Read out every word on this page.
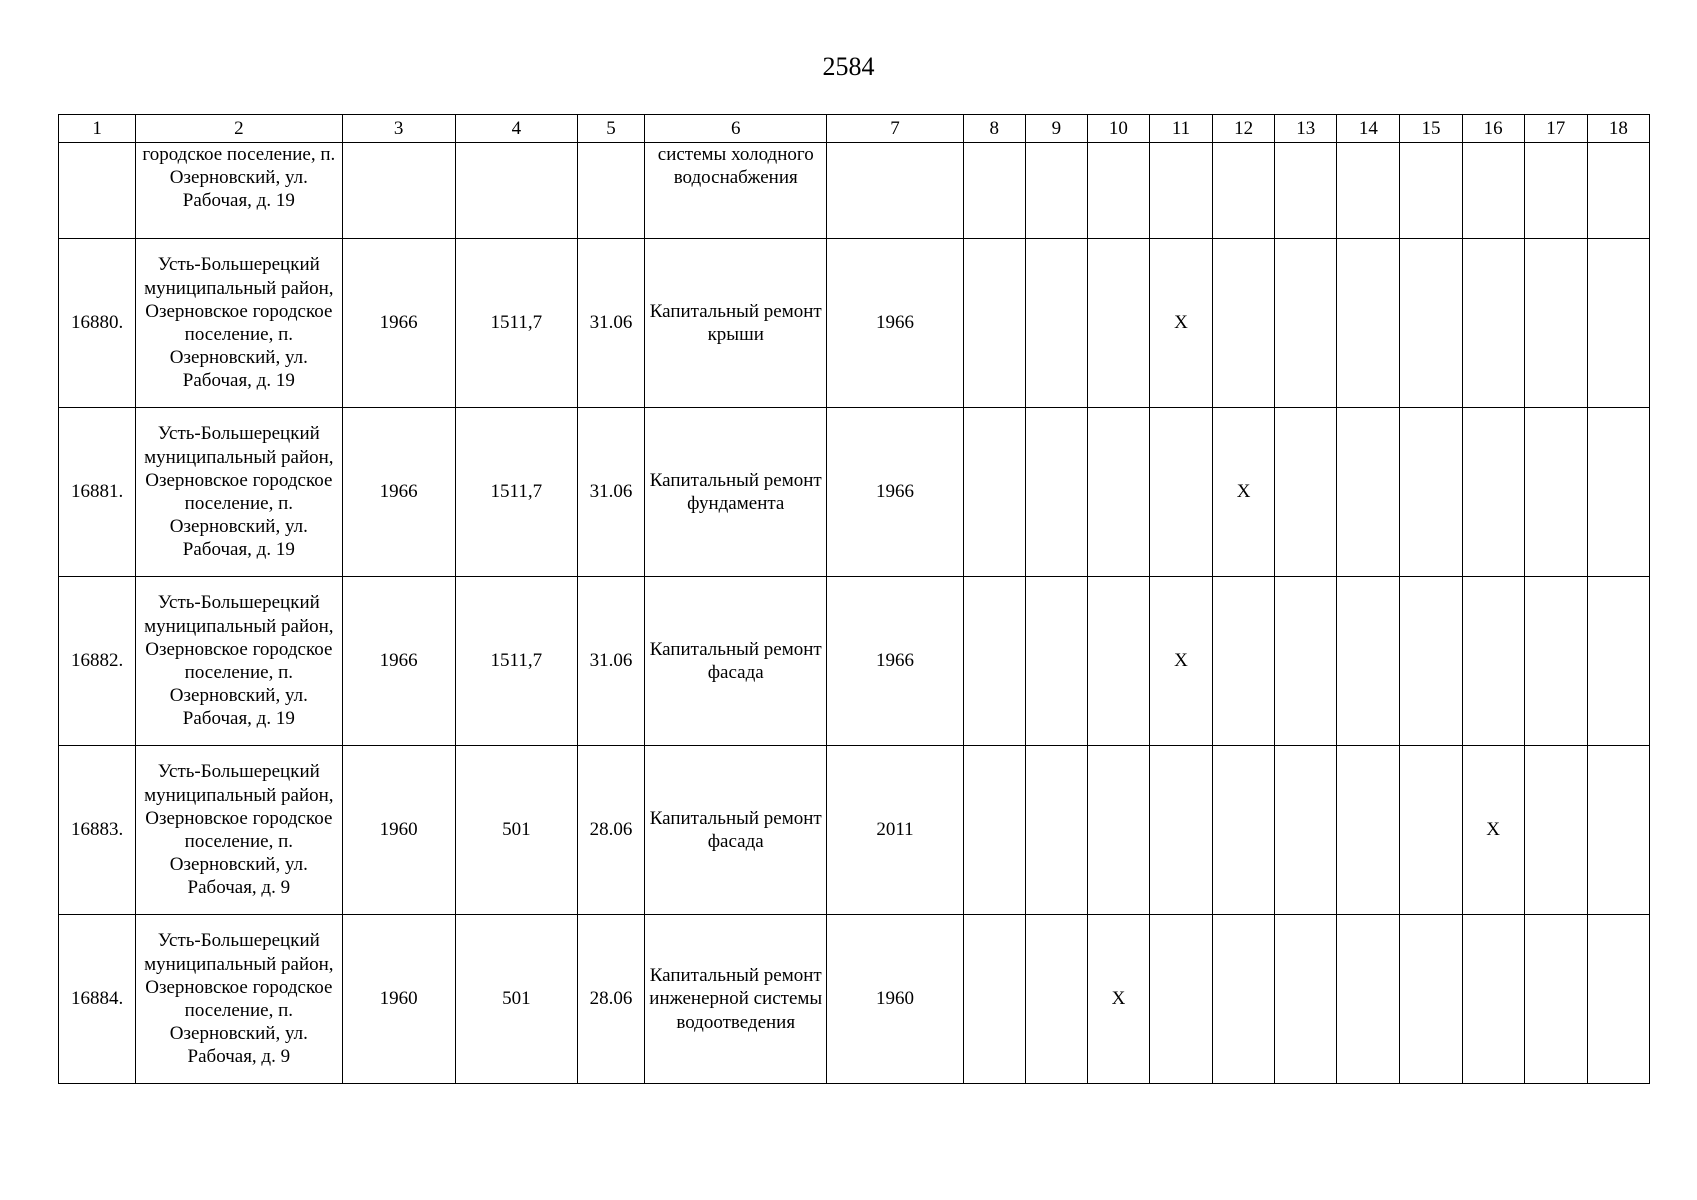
2584
1	2	3	4	5	6	7	8	9	10	11	12	13	14	15	16	17	18
	городское поселение, п. Озерновский, ул. Рабочая, д. 19				системы холодного водоснабжения												
16880.	Усть-Большерецкий муниципальный район, Озерновское городское поселение, п. Озерновский, ул. Рабочая, д. 19	1966	1511,7	31.06	Капитальный ремонт крыши	1966				X							
16881.	Усть-Большерецкий муниципальный район, Озерновское городское поселение, п. Озерновский, ул. Рабочая, д. 19	1966	1511,7	31.06	Капитальный ремонт фундамента	1966					X						
16882.	Усть-Большерецкий муниципальный район, Озерновское городское поселение, п. Озерновский, ул. Рабочая, д. 19	1966	1511,7	31.06	Капитальный ремонт фасада	1966				X							
16883.	Усть-Большерецкий муниципальный район, Озерновское городское поселение, п. Озерновский, ул. Рабочая, д. 9	1960	501	28.06	Капитальный ремонт фасада	2011									X		
16884.	Усть-Большерецкий муниципальный район, Озерновское городское поселение, п. Озерновский, ул. Рабочая, д. 9	1960	501	28.06	Капитальный ремонт инженерной системы водоотведения	1960			X								
